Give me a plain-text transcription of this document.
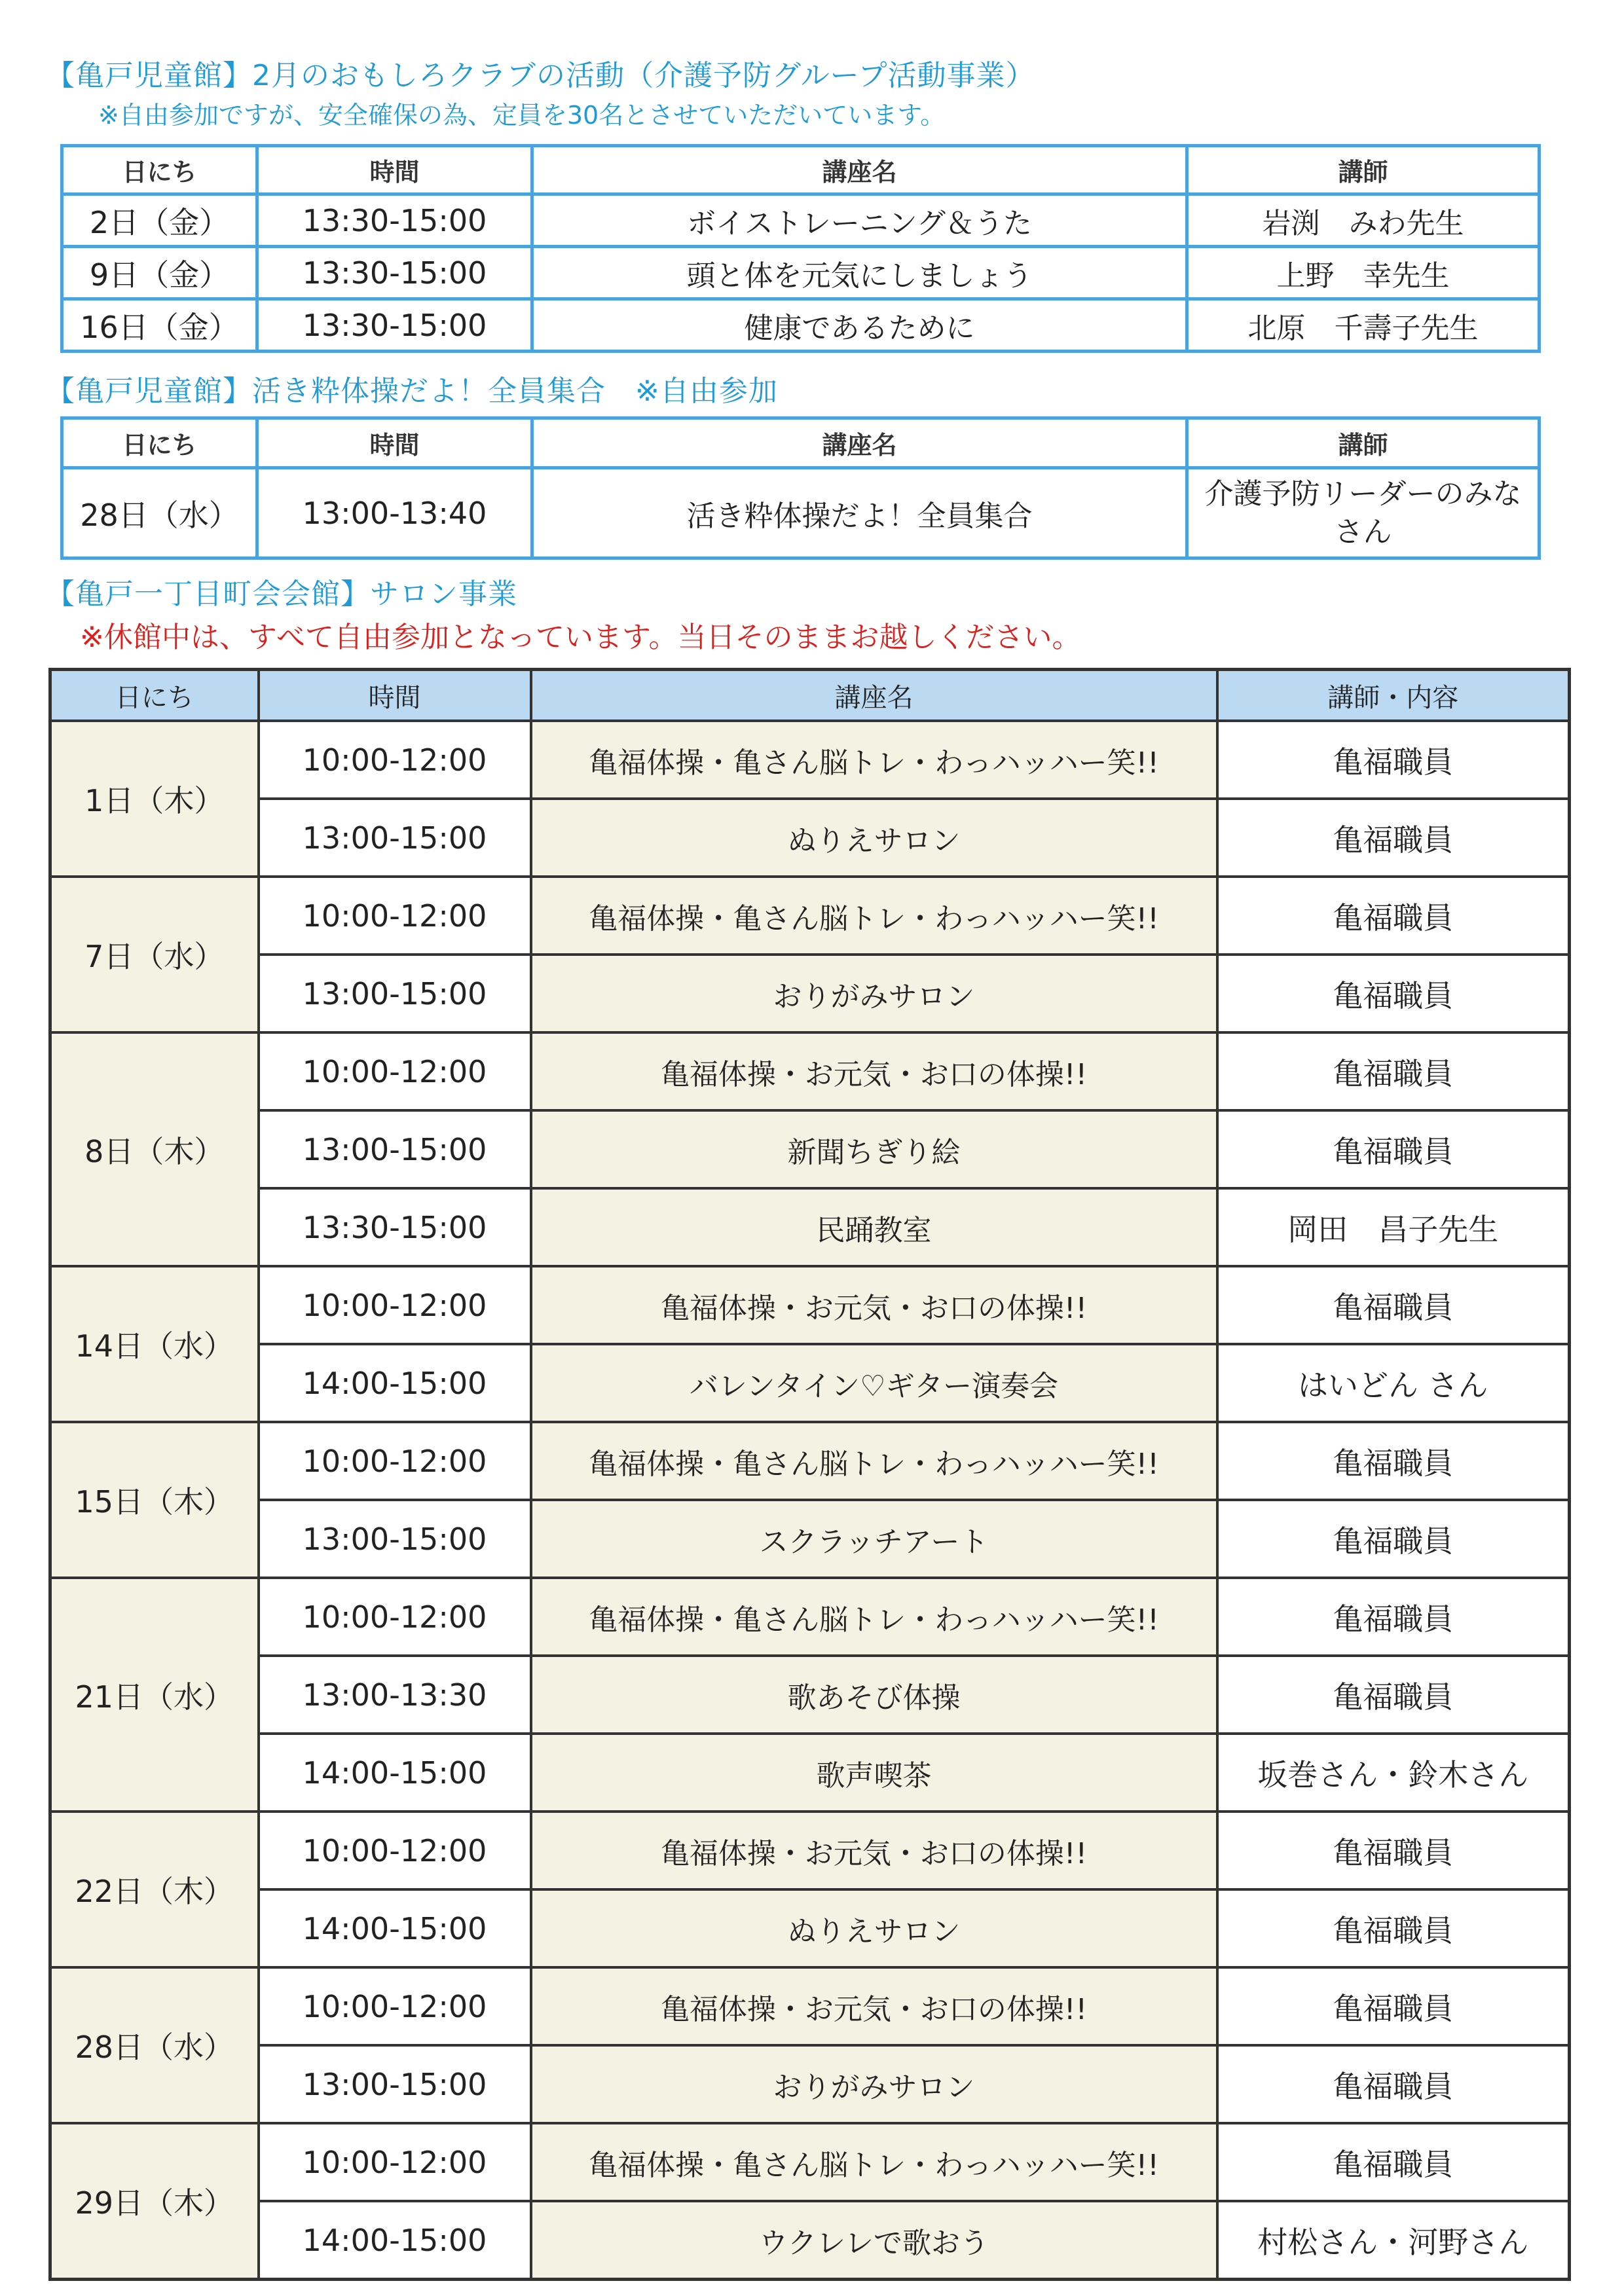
【亀戸児童館】2月のおもしろクラブの活動（介護予防グループ活動事業）
※自由参加ですが、安全確保の為、定員を30名とさせていただいています。
日にち	時間	講座名	講師
2日（金）	13:30-15:00	ボイストレーニング＆うた	岩渕　みわ先生
9日（金）	13:30-15:00	頭と体を元気にしましょう	上野　幸先生
16日（金）	13:30-15:00	健康であるために	北原　千壽子先生
【亀戸児童館】活き粋体操だよ！全員集合　※自由参加
日にち	時間	講座名	講師
28日（水）	13:00-13:40	活き粋体操だよ！全員集合	介護予防リーダーのみなさん
【亀戸一丁目町会会館】サロン事業
※休館中は、すべて自由参加となっています。当日そのままお越しください。
日にち	時間	講座名	講師・内容
1日（木）	10:00-12:00	亀福体操・亀さん脳トレ・わっハッハー笑!!	亀福職員
	13:00-15:00	ぬりえサロン	亀福職員
7日（水）	10:00-12:00	亀福体操・亀さん脳トレ・わっハッハー笑!!	亀福職員
	13:00-15:00	おりがみサロン	亀福職員
8日（木）	10:00-12:00	亀福体操・お元気・お口の体操!!	亀福職員
	13:00-15:00	新聞ちぎり絵	亀福職員
	13:30-15:00	民踊教室	岡田　昌子先生
14日（水）	10:00-12:00	亀福体操・お元気・お口の体操!!	亀福職員
	14:00-15:00	バレンタイン♡ギター演奏会	はいどん さん
15日（木）	10:00-12:00	亀福体操・亀さん脳トレ・わっハッハー笑!!	亀福職員
	13:00-15:00	スクラッチアート	亀福職員
21日（水）	10:00-12:00	亀福体操・亀さん脳トレ・わっハッハー笑!!	亀福職員
	13:00-13:30	歌あそび体操	亀福職員
	14:00-15:00	歌声喫茶	坂巻さん・鈴木さん
22日（木）	10:00-12:00	亀福体操・お元気・お口の体操!!	亀福職員
	14:00-15:00	ぬりえサロン	亀福職員
28日（水）	10:00-12:00	亀福体操・お元気・お口の体操!!	亀福職員
	13:00-15:00	おりがみサロン	亀福職員
29日（木）	10:00-12:00	亀福体操・亀さん脳トレ・わっハッハー笑!!	亀福職員
	14:00-15:00	ウクレレで歌おう	村松さん・河野さん
